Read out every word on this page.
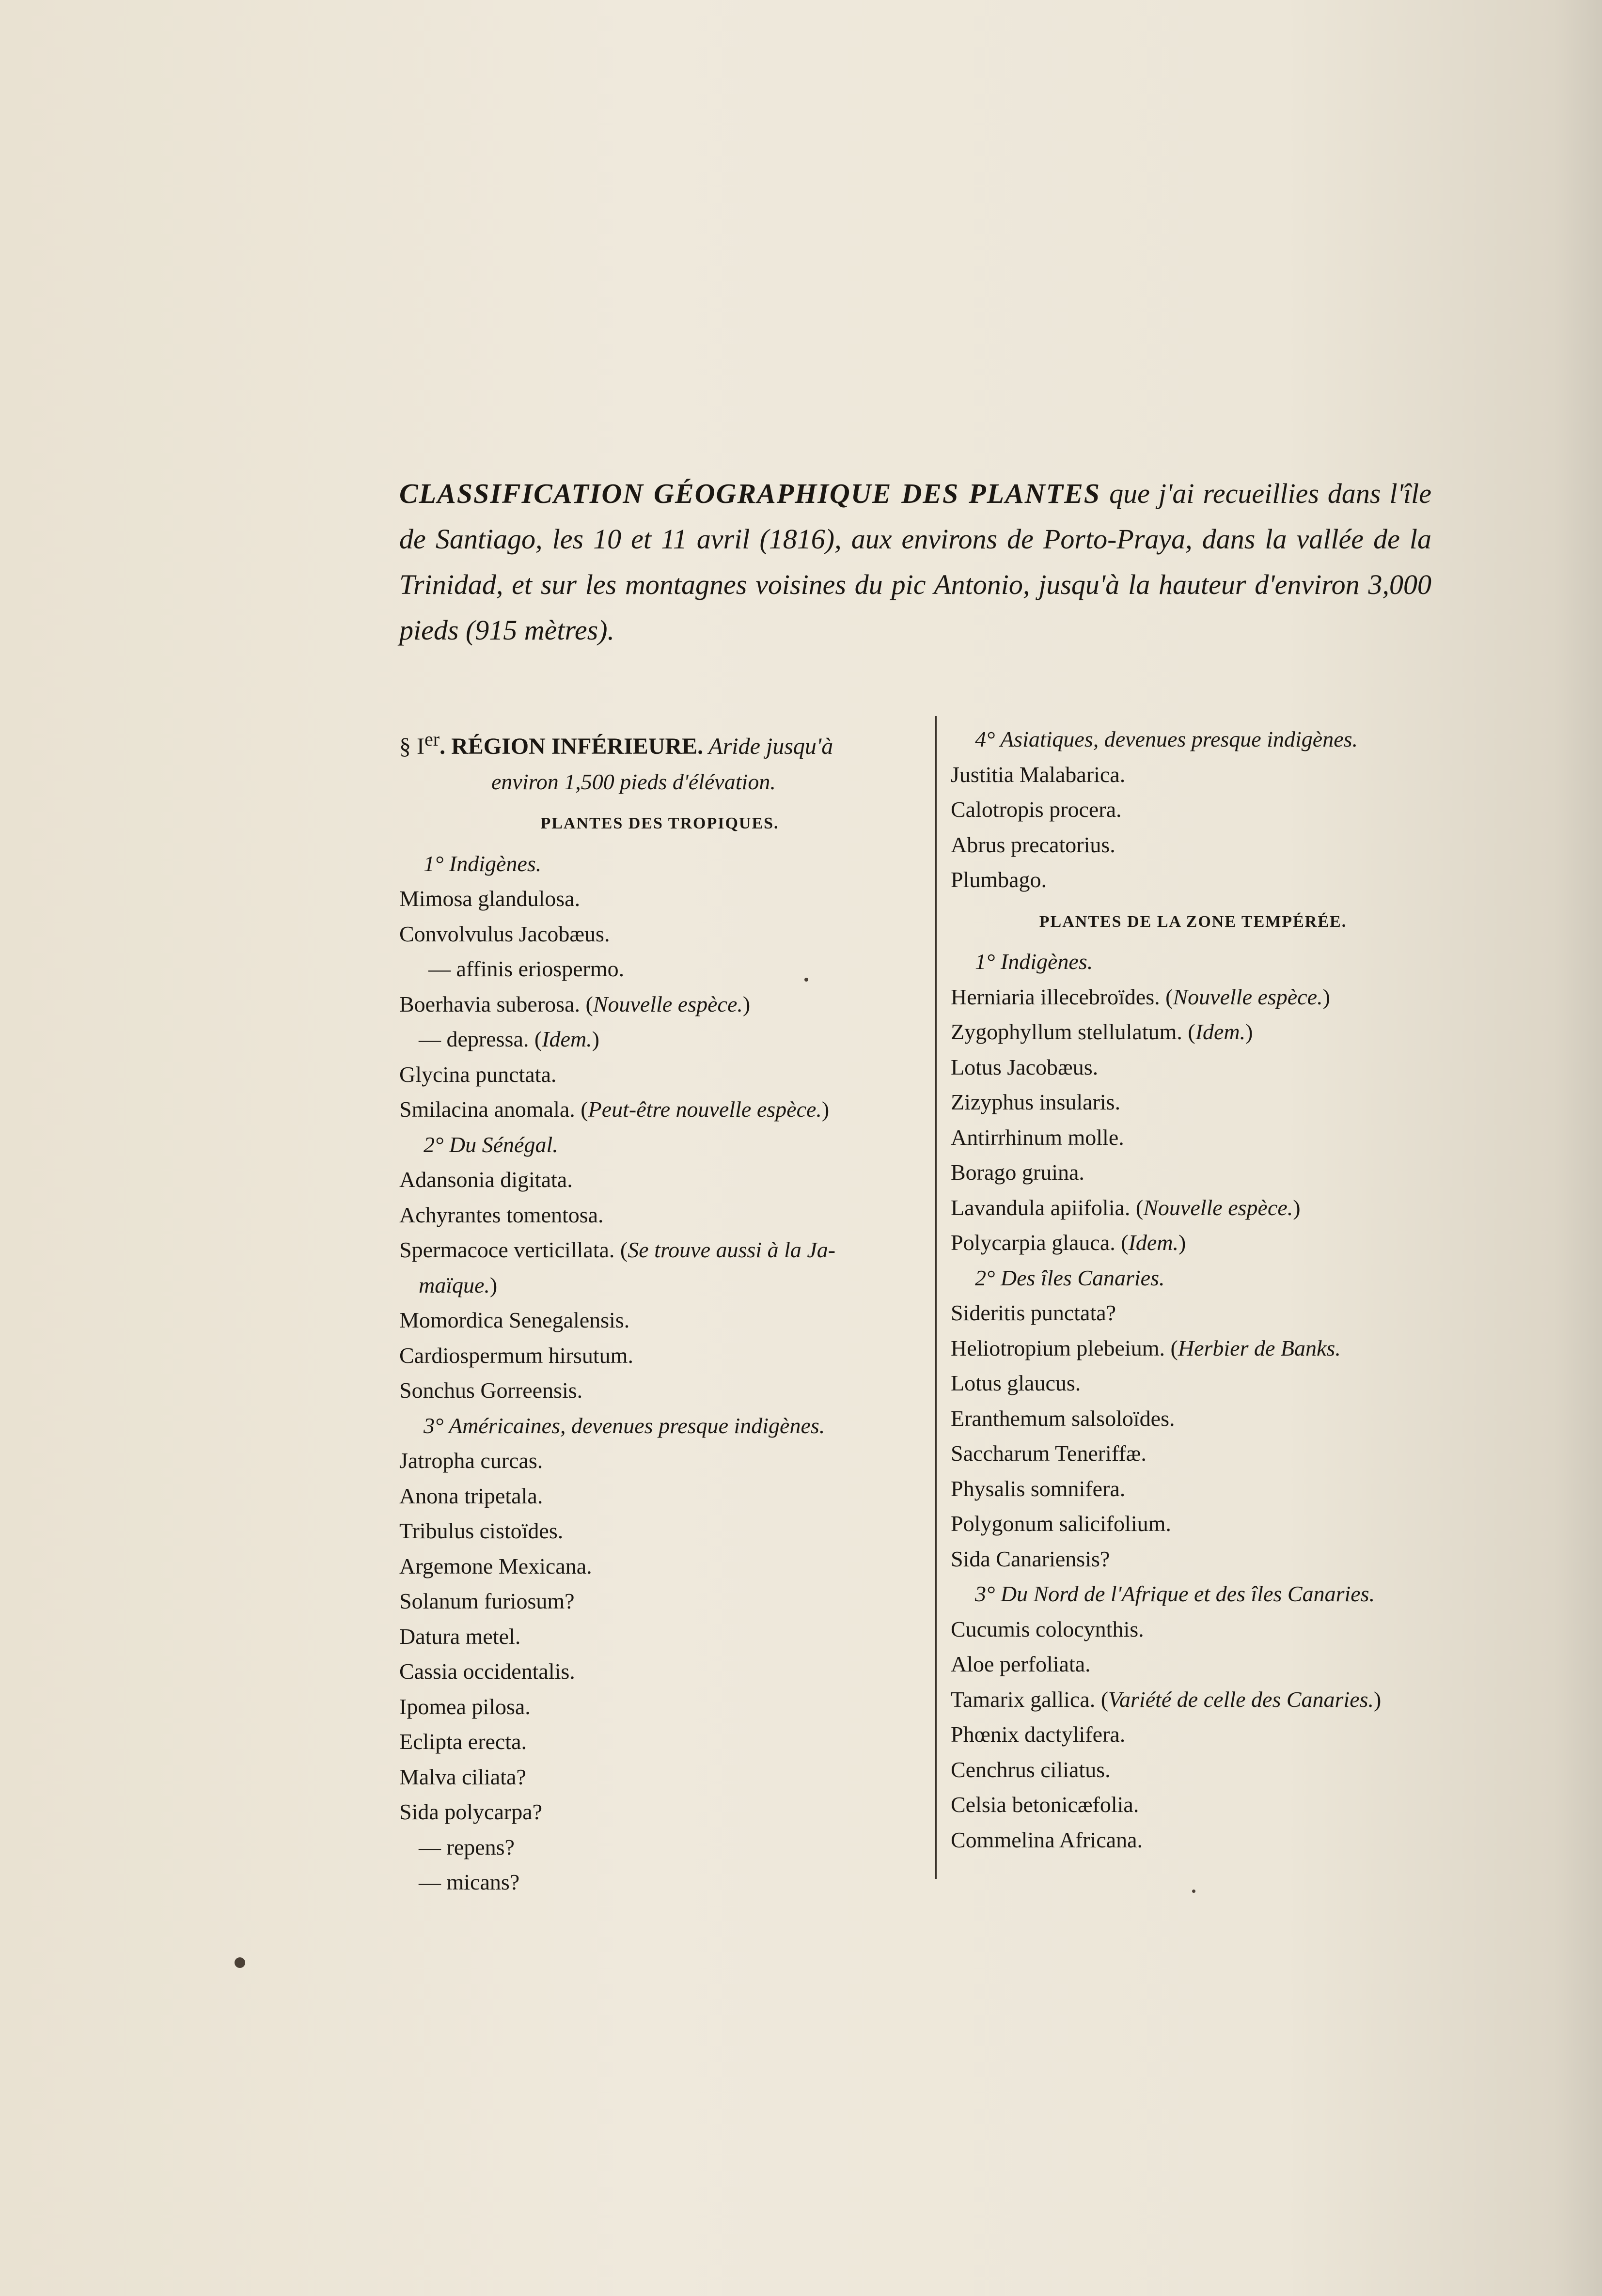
CLASSIFICATION GÉOGRAPHIQUE DES PLANTES que j'ai recueillies dans l'île de Santiago, les 10 et 11 avril (1816), aux environs de Porto-Praya, dans la vallée de la Trinidad, et sur les montagnes voisines du pic Antonio, jusqu'à la hauteur d'environ 3,000 pieds (915 mètres).
§ Ier. RÉGION INFÉRIEURE. Aride jusqu'à
environ 1,500 pieds d'élévation.
PLANTES DES TROPIQUES.
1° Indigènes.
Mimosa glandulosa.
Convolvulus Jacobæus.
— affinis eriospermo.
Boerhavia suberosa. (Nouvelle espèce.)
— depressa. (Idem.)
Glycina punctata.
Smilacina anomala. (Peut-être nouvelle espèce.)
2° Du Sénégal.
Adansonia digitata.
Achyrantes tomentosa.
Spermacoce verticillata. (Se trouve aussi à la Ja-
maïque.)
Momordica Senegalensis.
Cardiospermum hirsutum.
Sonchus Gorreensis.
3° Américaines, devenues presque indigènes.
Jatropha curcas.
Anona tripetala.
Tribulus cistoïdes.
Argemone Mexicana.
Solanum furiosum?
Datura metel.
Cassia occidentalis.
Ipomea pilosa.
Eclipta erecta.
Malva ciliata?
Sida polycarpa?
— repens?
— micans?
4° Asiatiques, devenues presque indigènes.
Justitia Malabarica.
Calotropis procera.
Abrus precatorius.
Plumbago.
PLANTES DE LA ZONE TEMPÉRÉE.
1° Indigènes.
Herniaria illecebroïdes. (Nouvelle espèce.)
Zygophyllum stellulatum. (Idem.)
Lotus Jacobæus.
Zizyphus insularis.
Antirrhinum molle.
Borago gruina.
Lavandula apiifolia. (Nouvelle espèce.)
Polycarpia glauca. (Idem.)
2° Des îles Canaries.
Sideritis punctata?
Heliotropium plebeium. (Herbier de Banks.
Lotus glaucus.
Eranthemum salsoloïdes.
Saccharum Teneriffæ.
Physalis somnifera.
Polygonum salicifolium.
Sida Canariensis?
3° Du Nord de l'Afrique et des îles Canaries.
Cucumis colocynthis.
Aloe perfoliata.
Tamarix gallica. (Variété de celle des Canaries.)
Phœnix dactylifera.
Cenchrus ciliatus.
Celsia betonicæfolia.
Commelina Africana.
